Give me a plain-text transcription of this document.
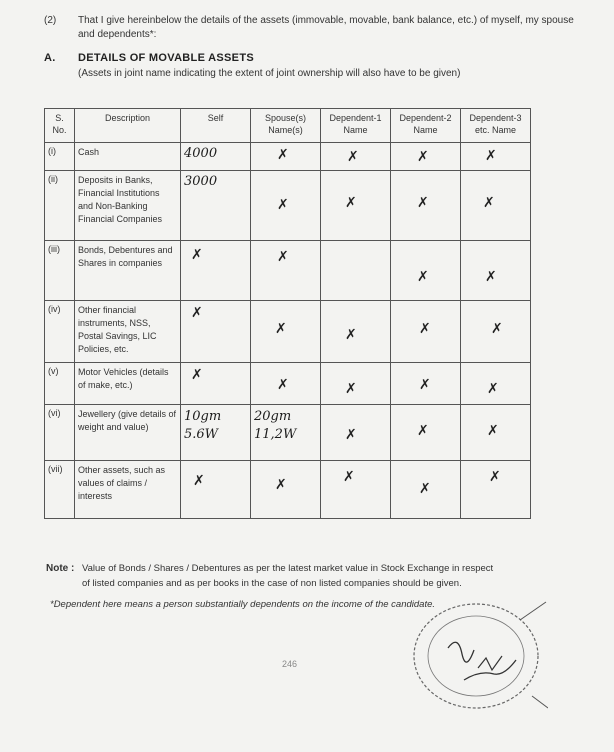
(2) That I give hereinbelow the details of the assets (immovable, movable, bank balance, etc.) of myself, my spouse and dependents*:
A. DETAILS OF MOVABLE ASSETS
(Assets in joint name indicating the extent of joint ownership will also have to be given)
S. No.	Description	Self	Spouse(s) Name(s)	Dependent-1 Name	Dependent-2 Name	Dependent-3 etc. Name
(i)	Cash	4000	✗	✗	✗	✗

(ii)	Deposits in Banks, Financial Institutions and Non-Banking Financial Companies	3000	✗	✗	✗	✗

(iii)	Bonds, Debentures and Shares in companies	✗	✗		✗	✗

(iv)	Other financial instruments, NSS, Postal Savings, LIC Policies, etc.	✗	✗	✗	✗	✗

(v)	Motor Vehicles (details of make, etc.)	✗	✗	✗	✗	✗

(vi)	Jewellery (give details of weight and value)	10gm 5.6W	20gm 11,2W	✗	✗	✗

(vii)	Other assets, such as values of claims / interests	✗	✗	✗	✗	✗
Note : Value of Bonds / Shares / Debentures as per the latest market value in Stock Exchange in respect
of listed companies and as per books in the case of non listed companies should be given.
*Dependent here means a person substantially dependents on the income of the candidate.
246
